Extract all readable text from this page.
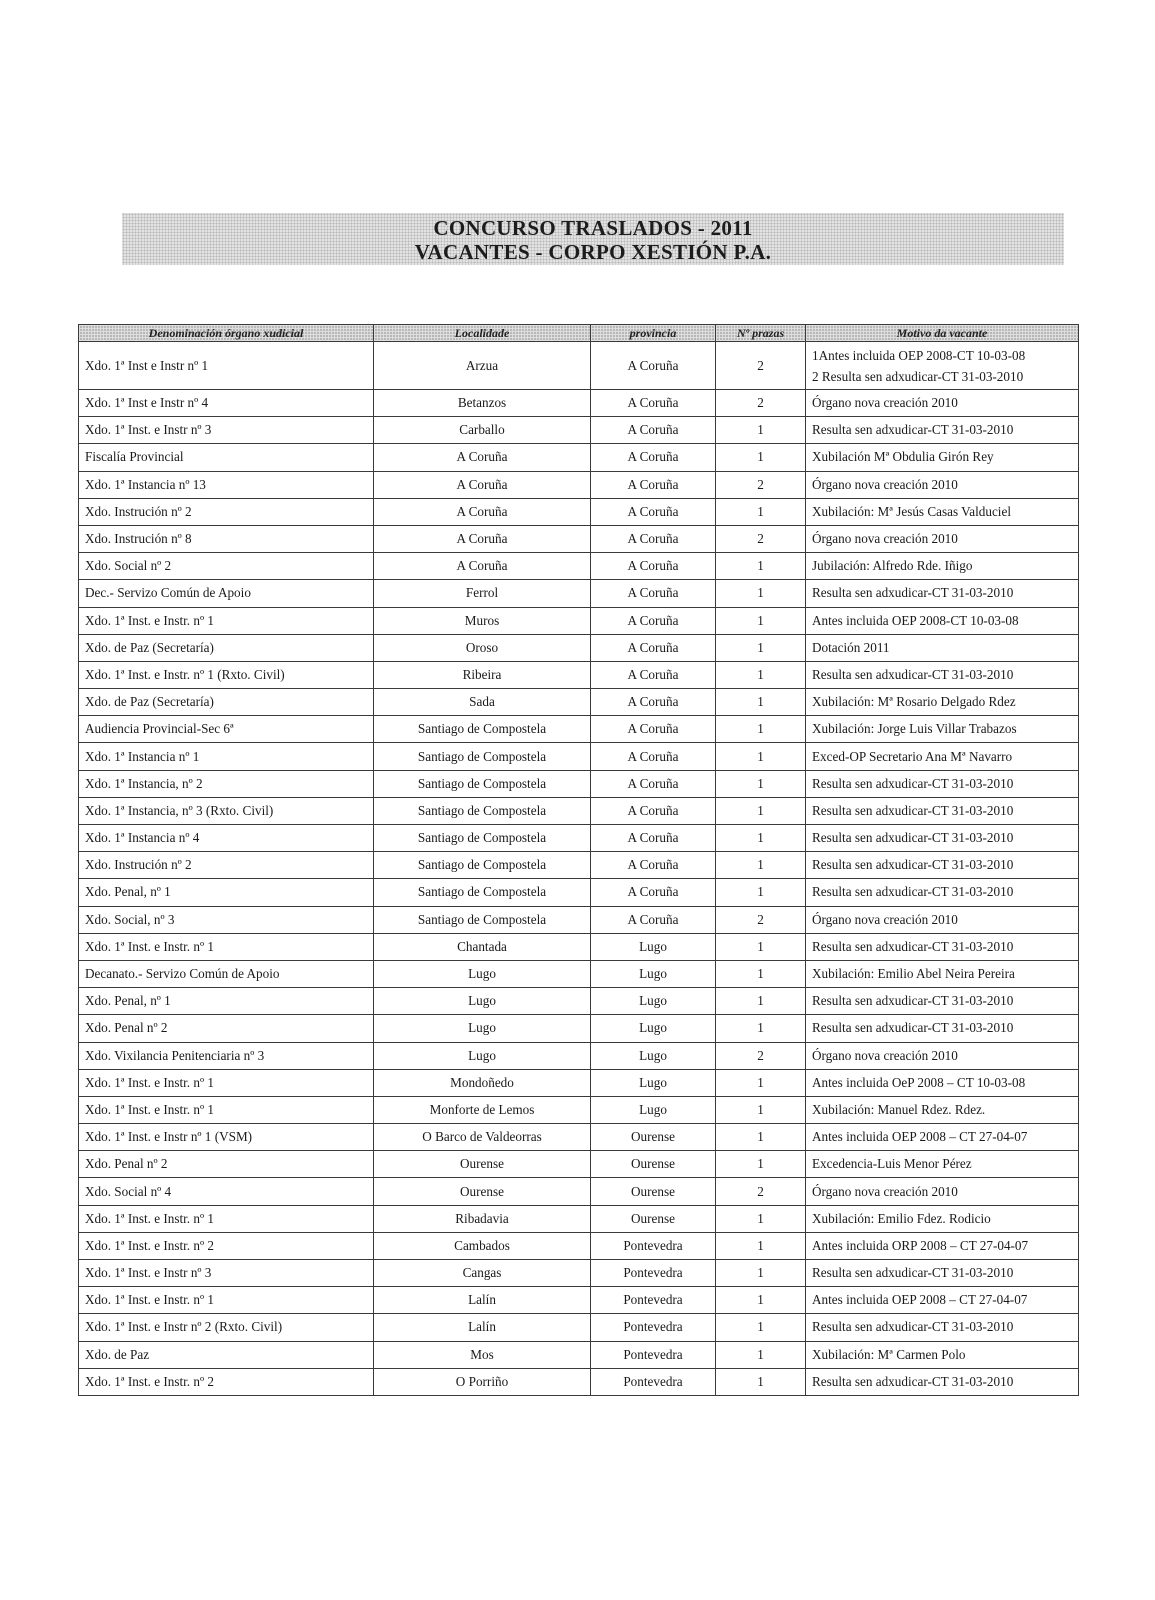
CONCURSO TRASLADOS - 2011
VACANTES - CORPO XESTIÓN P.A.
Denominación órgano xudicial	Localidade	provincia	Nº prazas	Motivo da vacante
Xdo. 1ª Inst e Instr nº 1	Arzua	A Coruña	2	1Antes incluida OEP 2008-CT 10-03-08
2 Resulta sen adxudicar-CT 31-03-2010

Xdo. 1ª Inst e Instr nº 4	Betanzos	A Coruña	2	Órgano nova creación 2010
Xdo. 1ª Inst. e Instr nº 3	Carballo	A Coruña	1	Resulta sen adxudicar-CT 31-03-2010
Fiscalía Provincial	A Coruña	A Coruña	1	Xubilación Mª Obdulia Girón Rey
Xdo. 1ª Instancia nº 13	A Coruña	A Coruña	2	Órgano nova creación 2010
Xdo. Instrución nº 2	A Coruña	A Coruña	1	Xubilación: Mª Jesús Casas Valduciel
Xdo. Instrución nº 8	A Coruña	A Coruña	2	Órgano nova creación 2010
Xdo. Social nº 2	A Coruña	A Coruña	1	Jubilación: Alfredo Rde. Iñigo
Dec.- Servizo Común de Apoio	Ferrol	A Coruña	1	Resulta sen adxudicar-CT 31-03-2010
Xdo. 1ª Inst. e Instr. nº 1	Muros	A Coruña	1	Antes incluida OEP 2008-CT 10-03-08
Xdo. de Paz (Secretaría)	Oroso	A Coruña	1	Dotación 2011
Xdo. 1ª Inst. e Instr. nº 1 (Rxto. Civil)	Ribeira	A Coruña	1	Resulta sen adxudicar-CT 31-03-2010
Xdo. de Paz (Secretaría)	Sada	A Coruña	1	Xubilación: Mª Rosario Delgado Rdez
Audiencia Provincial-Sec 6ª	Santiago de Compostela	A Coruña	1	Xubilación: Jorge Luis Villar Trabazos
Xdo. 1ª Instancia nº 1	Santiago de Compostela	A Coruña	1	Exced-OP Secretario Ana Mª Navarro
Xdo. 1ª Instancia, nº 2	Santiago de Compostela	A Coruña	1	Resulta sen adxudicar-CT 31-03-2010
Xdo. 1ª Instancia, nº 3 (Rxto. Civil)	Santiago de Compostela	A Coruña	1	Resulta sen adxudicar-CT 31-03-2010
Xdo. 1ª Instancia nº 4	Santiago de Compostela	A Coruña	1	Resulta sen adxudicar-CT 31-03-2010
Xdo. Instrución nº 2	Santiago de Compostela	A Coruña	1	Resulta sen adxudicar-CT 31-03-2010
Xdo. Penal, nº 1	Santiago de Compostela	A Coruña	1	Resulta sen adxudicar-CT 31-03-2010
Xdo. Social, nº 3	Santiago de Compostela	A Coruña	2	Órgano nova creación 2010
Xdo. 1ª Inst. e Instr. nº 1	Chantada	Lugo	1	Resulta sen adxudicar-CT 31-03-2010
Decanato.- Servizo Común de Apoio	Lugo	Lugo	1	Xubilación: Emilio Abel Neira Pereira
Xdo. Penal, nº 1	Lugo	Lugo	1	Resulta sen adxudicar-CT 31-03-2010
Xdo. Penal nº 2	Lugo	Lugo	1	Resulta sen adxudicar-CT 31-03-2010
Xdo. Vixilancia Penitenciaria nº 3	Lugo	Lugo	2	Órgano nova creación 2010
Xdo. 1ª Inst. e Instr. nº 1	Mondoñedo	Lugo	1	Antes incluida OeP 2008 – CT 10-03-08
Xdo. 1ª Inst. e Instr. nº 1	Monforte de Lemos	Lugo	1	Xubilación: Manuel Rdez. Rdez.
Xdo. 1ª Inst. e Instr nº 1 (VSM)	O Barco de Valdeorras	Ourense	1	Antes incluida OEP 2008 – CT 27-04-07
Xdo. Penal nº 2	Ourense	Ourense	1	Excedencia-Luis Menor Pérez
Xdo. Social nº 4	Ourense	Ourense	2	Órgano nova creación 2010
Xdo. 1ª Inst. e Instr. nº 1	Ribadavia	Ourense	1	Xubilación: Emilio Fdez. Rodicio
Xdo. 1ª Inst. e Instr. nº 2	Cambados	Pontevedra	1	Antes incluida ORP 2008 – CT 27-04-07
Xdo. 1ª Inst. e Instr nº 3	Cangas	Pontevedra	1	Resulta sen adxudicar-CT 31-03-2010
Xdo. 1ª Inst. e Instr. nº 1	Lalín	Pontevedra	1	Antes incluida OEP 2008 – CT 27-04-07
Xdo. 1ª Inst. e Instr nº 2 (Rxto. Civil)	Lalín	Pontevedra	1	Resulta sen adxudicar-CT 31-03-2010
Xdo. de Paz	Mos	Pontevedra	1	Xubilación: Mª Carmen Polo
Xdo. 1ª Inst. e Instr. nº 2	O Porriño	Pontevedra	1	Resulta sen adxudicar-CT 31-03-2010
